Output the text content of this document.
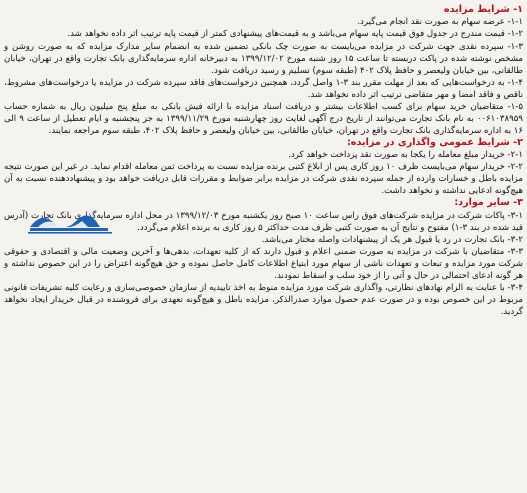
۱- شرایط مزایده

۱-۱- عرضه سهام به صورت نقد انجام می‌گیرد.

۱-۲- قیمت مندرج در جدول فوق قیمت پایه سهام می‌باشد و به قیمت‌های پیشنهادی کمتر از قیمت پایه ترتیب اثر داده نخواهد شد.

۱-۳- سپرده نقدی جهت شرکت در مزایده می‌بایست به صورت چک بانکی تضمین شده به انضمام سایر مدارک مزایده که به صورت روشن و مشخص نوشته شده در پاکت دربسته تا ساعت ۱۵ روز شنبه مورخ ۱۳۹۹/۱۲/۰۲ به دبیرخانه اداره سرمایه‌گذاری بانک تجارت واقع در تهران، خیابان طالقانی، بین خیابان ولیعصر و حافظ پلاک ۴۰۲ (طبقه سوم) تسلیم و رسید دریافت شود.

۱-۴- به درخواست‌هایی که بعد از مهلت مقرر بند ۳-۱ واصل گردد، همچنین درخواست‌های فاقد سپرده شرکت در مزایده یا درخواست‌های مشروط، ناقص و فاقد امضا و مهر متقاضی ترتیب اثر داده نخواهد شد.

۱-۵- متقاضیان خرید سهام برای کسب اطلاعات بیشتر و دریافت اسناد مزایده با ارائه فیش بانکی به مبلغ پنج میلیون ریال به شماره حساب ۰۰۶۱۰۳۸۹۵۹ به نام بانک تجارت می‌توانند از تاریخ درج آگهی لغایت روز چهارشنبه مورخ ۱۳۹۹/۱۱/۲۹ به جز پنجشنبه و ایام تعطیل از ساعت ۹ الی ۱۶ به اداره سرمایه‌گذاری بانک تجارت واقع در تهران، خیابان طالقانی، بین خیابان ولیعصر و حافظ پلاک ۴۰۲، طبقه سوم مراجعه نمایند.

۲- شرایط عمومی واگذاری در مزایده:

۲-۱- خریدار مبلغ معامله را یکجا به صورت نقد پرداخت خواهد کرد.

۲-۲- خریدار سهام می‌بایست ظرف ۱۰ روز کاری پس از ابلاغ کتبی برنده مزایده نسبت به پرداخت ثمن معامله اقدام نماید. در غیر این صورت نتیجه مزایده باطل و خسارات وارده از جمله سپرده نقدی شرکت در مزایده برابر ضوابط و مقررات قابل دریافت خواهد بود و پیشنهاددهنده نسبت به آن هیچ‌گونه ادعایی نداشته و نخواهد داشت.

۳- سایر موارد:

۳-۱- پاکات شرکت در مزایده شرکت‌های فوق راس ساعت ۱۰ صبح روز یکشنبه مورخ ۱۳۹۹/۱۲/۰۳ در محل اداره سرمایه‌گذاری بانک تجارت (آدرس قید شده در بند ۳-۱) مفتوح و نتایج آن به صورت کتبی ظرف مدت حداکثر ۵ روز کاری به برنده اعلام می‌گردد.

۳-۲- بانک تجارت در رد یا قبول هر یک از پیشنهادات واصله مختار می‌باشد.

۳-۳- متقاضیان با شرکت در مزایده به صورت ضمنی اعلام و قبول دارند که از کلیه تعهدات، بدهی‌ها و آخرین وضعیت مالی و اقتصادی و حقوقی شرکت مورد مزایده و تبعات و تعهدات ناشی از سهام مورد ابتیاع اطلاعات کامل حاصل نموده و حق هیچ‌گونه اعتراض را در این خصوص نداشته و هر گونه ادعای احتمالی در حال و آتی را از خود سلب و اسقاط نمودند.

۳-۴- با عنایت به الزام نهادهای نظارتی، واگذاری شرکت مورد مزایده منوط به اخذ تاییدیه از سازمان خصوصی‌سازی و رعایت کلیه تشریفات قانونی مربوط در این خصوص بوده و در صورت عدم حصول موارد صدرالذکر، مزایده باطل و هیچ‌گونه تعهدی برای فروشنده در قبال خریدار ایجاد نخواهد گردید.
